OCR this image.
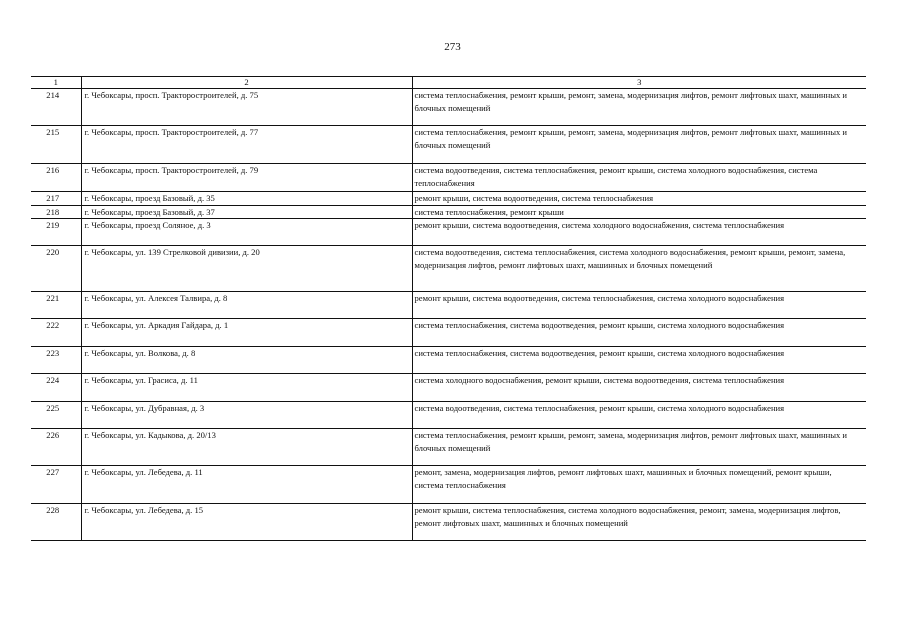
273
1	2	3
214	г. Чебоксары, просп. Тракторостроителей, д. 75	система теплоснабжения, ремонт крыши, ремонт, замена, модернизация лифтов, ремонт лифтовых шахт, машинных и блочных помещений
215	г. Чебоксары, просп. Тракторостроителей, д. 77	система теплоснабжения, ремонт крыши, ремонт, замена, модернизация лифтов, ремонт лифтовых шахт, машинных и блочных помещений
216	г. Чебоксары, просп. Тракторостроителей, д. 79	система водоотведения, система теплоснабжения, ремонт крыши, система холодного водоснабжения, система теплоснабжения
217	г. Чебоксары, проезд Базовый, д. 35	ремонт крыши, система водоотведения, система теплоснабжения
218	г. Чебоксары, проезд Базовый, д. 37	система теплоснабжения, ремонт крыши
219	г. Чебоксары, проезд Соляное, д. 3	ремонт крыши, система водоотведения, система холодного водоснабжения, система теплоснабжения
220	г. Чебоксары, ул. 139 Стрелковой дивизии, д. 20	система водоотведения, система теплоснабжения, система холодного водоснабжения, ремонт крыши, ремонт, замена, модернизация лифтов, ремонт лифтовых шахт, машинных и блочных помещений
221	г. Чебоксары, ул. Алексея Талвира, д. 8	ремонт крыши, система водоотведения, система теплоснабжения, система холодного водоснабжения
222	г. Чебоксары, ул. Аркадия Гайдара, д. 1	система теплоснабжения, система водоотведения, ремонт крыши, система холодного водоснабжения
223	г. Чебоксары, ул. Волкова, д. 8	система теплоснабжения, система водоотведения, ремонт крыши, система холодного водоснабжения
224	г. Чебоксары, ул. Грасиса, д. 11	система холодного водоснабжения, ремонт крыши, система водоотведения, система теплоснабжения
225	г. Чебоксары, ул. Дубравная, д. 3	система водоотведения, система теплоснабжения, ремонт крыши, система холодного водоснабжения
226	г. Чебоксары, ул. Кадыкова, д. 20/13	система теплоснабжения, ремонт крыши, ремонт, замена, модернизация лифтов, ремонт лифтовых шахт, машинных и блочных помещений
227	г. Чебоксары, ул. Лебедева, д. 11	ремонт, замена, модернизация лифтов, ремонт лифтовых шахт, машинных и блочных помещений, ремонт крыши, система теплоснабжения
228	г. Чебоксары, ул. Лебедева, д. 15	ремонт крыши, система теплоснабжения, система холодного водоснабжения, ремонт, замена, модернизация лифтов, ремонт лифтовых шахт, машинных и блочных помещений
